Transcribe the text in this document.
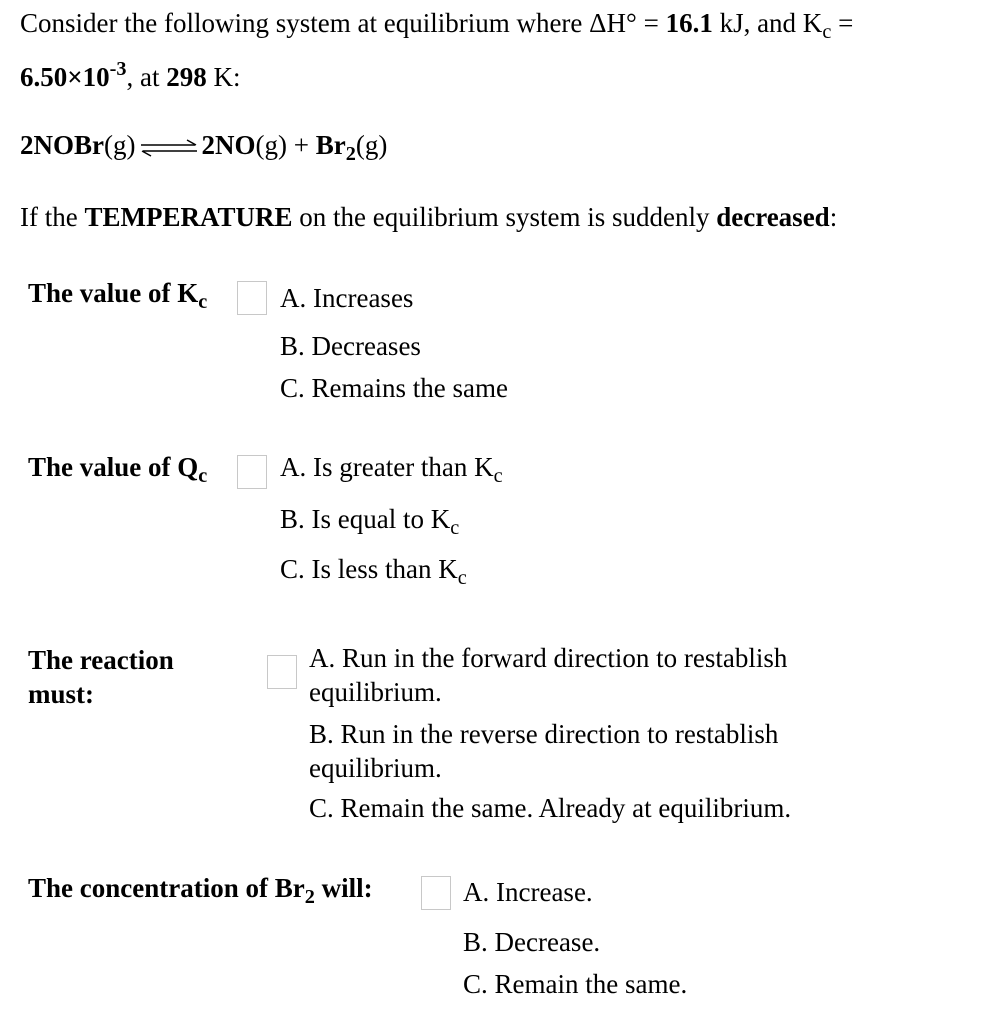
Consider the following system at equilibrium where ΔH° = 16.1 kJ, and $K_c$ =
$6.50\times 10^{-3}$, at 298 K:
2NOBr(g) ⇌ $2NO(g) + Br_2(g)$
If the TEMPERATURE on the equilibrium system is suddenly decreased:
The value of $K_c$	A. Increases
B. Decreases
C. Remains the same
The value of $Q_c$	A. Is greater than $K_c$
B. Is equal to $K_c$
C. Is less than $K_c$
The reaction
must:
A. Run in the forward direction to restablish equilibrium.
B. Run in the reverse direction to restablish equilibrium.
C. Remain the same. Already at equilibrium.
The concentration of $Br_2$ will:	A. Increase.
B. Decrease.
C. Remain the same.
